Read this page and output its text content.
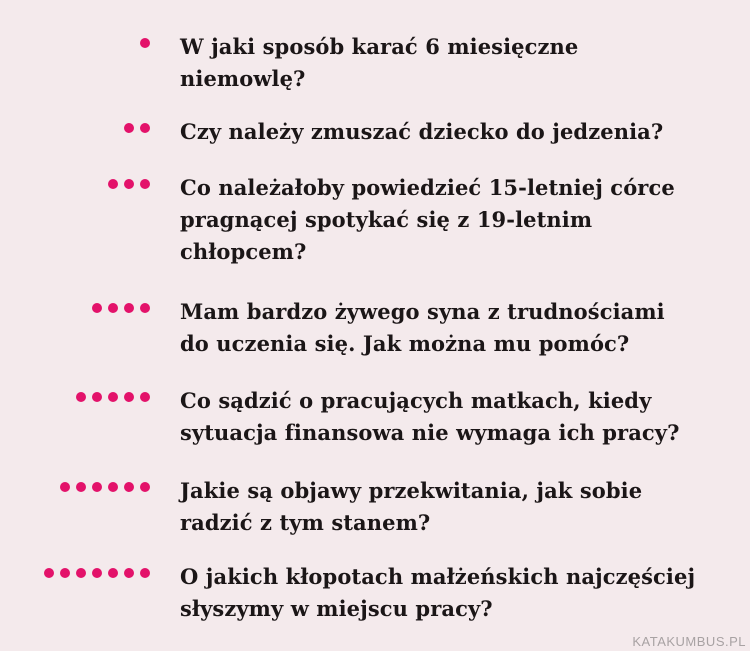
W jaki sposób karać 6 miesięczne
niemowlę?
Czy należy zmuszać dziecko do jedzenia?
Co należałoby powiedzieć 15-letniej córce
pragnącej spotykać się z 19-letnim
chłopcem?
Mam bardzo żywego syna z trudnościami
do uczenia się. Jak można mu pomóc?
Co sądzić o pracujących matkach, kiedy
sytuacja finansowa nie wymaga ich pracy?
Jakie są objawy przekwitania, jak sobie
radzić z tym stanem?
O jakich kłopotach małżeńskich najczęściej
słyszymy w miejscu pracy?
KATAKUMBUS.PL
